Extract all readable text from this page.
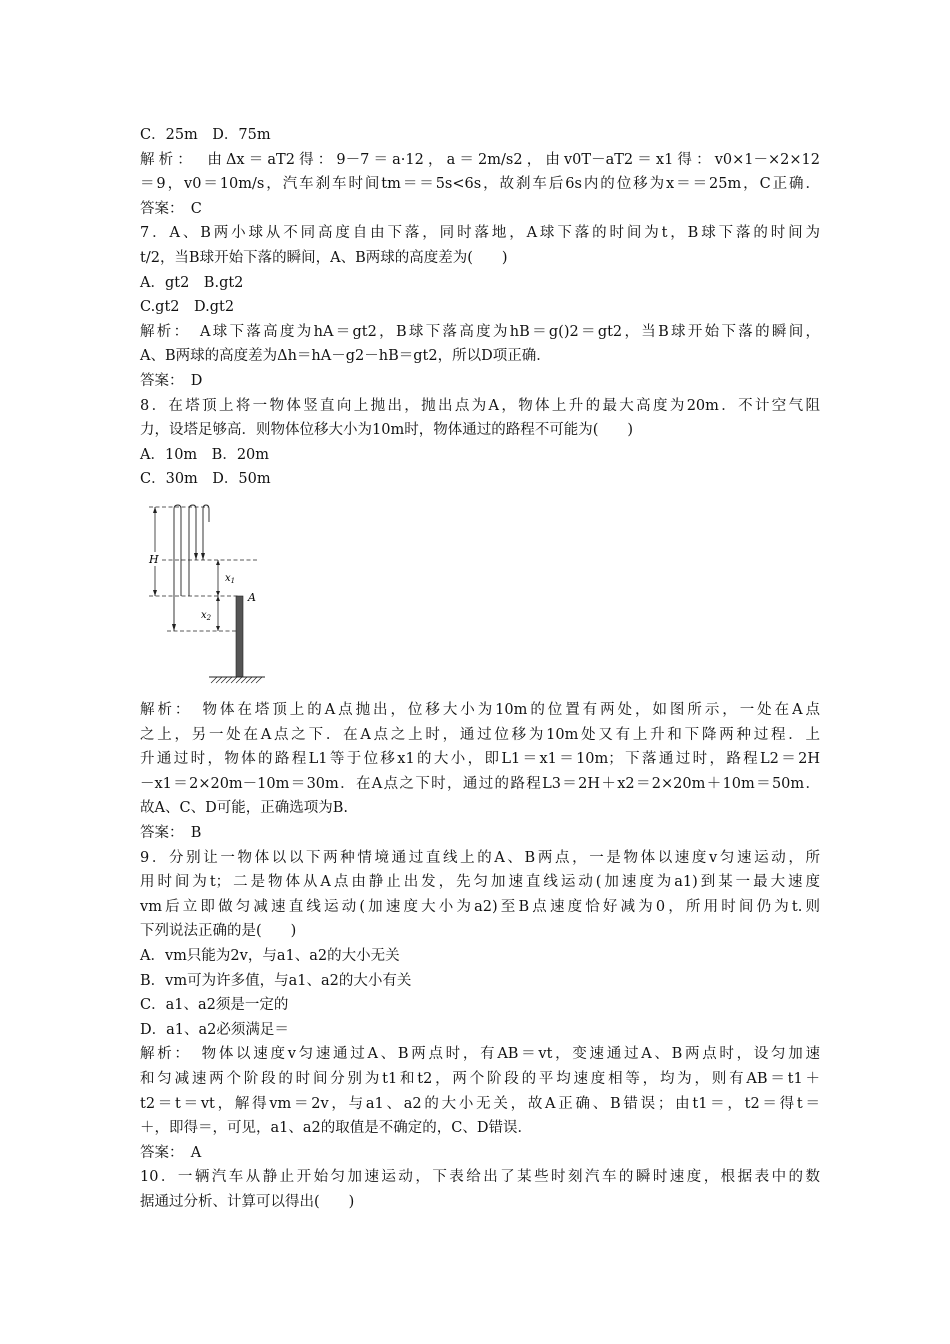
C．25m　D．75m
解析：　由Δx＝aT2得：9－7＝a·12，a＝2m/s2，由v0T－aT2＝x1得：v0×1－×2×12
＝9，v0＝10m/s，汽车刹车时间tm＝＝5s<6s，故刹车后6s内的位移为x＝＝25m，C正确．
答案：　C
7．A、B两小球从不同高度自由下落，同时落地，A球下落的时间为t，B球下落的时间为
t/2，当B球开始下落的瞬间，A、B两球的高度差为(　　)
A．gt2　B.gt2
C.gt2　D.gt2
解析：　A球下落高度为hA＝gt2，B球下落高度为hB＝g()2＝gt2，当B球开始下落的瞬间，
A、B两球的高度差为Δh＝hA－g2－hB＝gt2，所以D项正确．
答案：　D
8．在塔顶上将一物体竖直向上抛出，抛出点为A，物体上升的最大高度为20m．不计空气阻
力，设塔足够高．则物体位移大小为10m时，物体通过的路程不可能为(　　)
A．10m　B．20m
C．30m　D．50m
H
$x_1$
$x_2$
A
解析：　物体在塔顶上的A点抛出，位移大小为10m的位置有两处，如图所示，一处在A点
之上，另一处在A点之下．在A点之上时，通过位移为10m处又有上升和下降两种过程．上
升通过时，物体的路程L1等于位移x1的大小，即L1＝x1＝10m；下落通过时，路程L2＝2H
－x1＝2×20m－10m＝30m．在A点之下时，通过的路程L3＝2H＋x2＝2×20m＋10m＝50m．
故A、C、D可能，正确选项为B.
答案：　B
9．分别让一物体以以下两种情境通过直线上的A、B两点，一是物体以速度v匀速运动，所
用时间为t；二是物体从A点由静止出发，先匀加速直线运动(加速度为a1)到某一最大速度
vm后立即做匀减速直线运动(加速度大小为a2)至B点速度恰好减为0，所用时间仍为t.则
下列说法正确的是(　　)
A．vm只能为2v，与a1、a2的大小无关
B．vm可为许多值，与a1、a2的大小有关
C．a1、a2须是一定的
D．a1、a2必须满足＝
解析：　物体以速度v匀速通过A、B两点时，有AB＝vt，变速通过A、B两点时，设匀加速
和匀减速两个阶段的时间分别为t1和t2，两个阶段的平均速度相等，均为，则有AB＝t1＋
t2＝t＝vt，解得vm＝2v，与a1、a2的大小无关，故A正确、B错误；由t1＝，t2＝得t＝
＋，即得＝，可见，a1、a2的取值是不确定的，C、D错误．
答案：　A
10．一辆汽车从静止开始匀加速运动，下表给出了某些时刻汽车的瞬时速度，根据表中的数
据通过分析、计算可以得出(　　)
